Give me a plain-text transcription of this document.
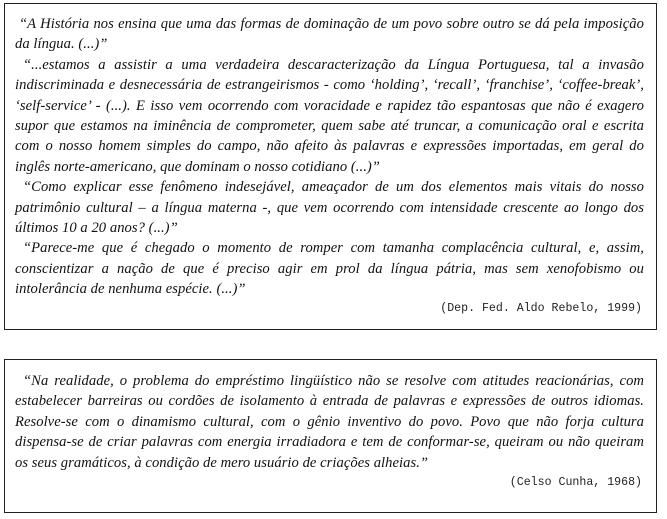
“A História nos ensina que uma das formas de dominação de um povo sobre outro se dá pela imposição da língua. (...)”

“...estamos a assistir a uma verdadeira descaracterização da Língua Portuguesa, tal a invasão indiscriminada e desnecessária de estrangeirismos - como ‘holding’, ‘recall’, ‘franchise’, ‘coffee-break’, ‘self-service’ - (...). E isso vem ocorrendo com voracidade e rapidez tão espantosas que não é exagero supor que estamos na iminência de comprometer, quem sabe até truncar, a comunicação oral e escrita com o nosso homem simples do campo, não afeito às palavras e expressões importadas, em geral do inglês norte-americano, que dominam o nosso cotidiano (...)”

“Como explicar esse fenômeno indesejável, ameaçador de um dos elementos mais vitais do nosso patrimônio cultural – a língua materna -, que vem ocorrendo com intensidade crescente ao longo dos últimos 10 a 20 anos? (...)”

“Parece-me que é chegado o momento de romper com tamanha complacência cultural, e, assim, conscientizar a nação de que é preciso agir em prol da língua pátria, mas sem xenofobismo ou intolerância de nenhuma espécie. (...)”

(Dep. Fed. Aldo Rebelo, 1999)

“Na realidade, o problema do empréstimo lingüístico não se resolve com atitudes reacionárias, com estabelecer barreiras ou cordões de isolamento à entrada de palavras e expressões de outros idiomas. Resolve-se com o dinamismo cultural, com o gênio inventivo do povo. Povo que não forja cultura dispensa-se de criar palavras com energia irradiadora e tem de conformar-se, queiram ou não queiram os seus gramáticos, à condição de mero usuário de criações alheias.”

(Celso Cunha, 1968)
